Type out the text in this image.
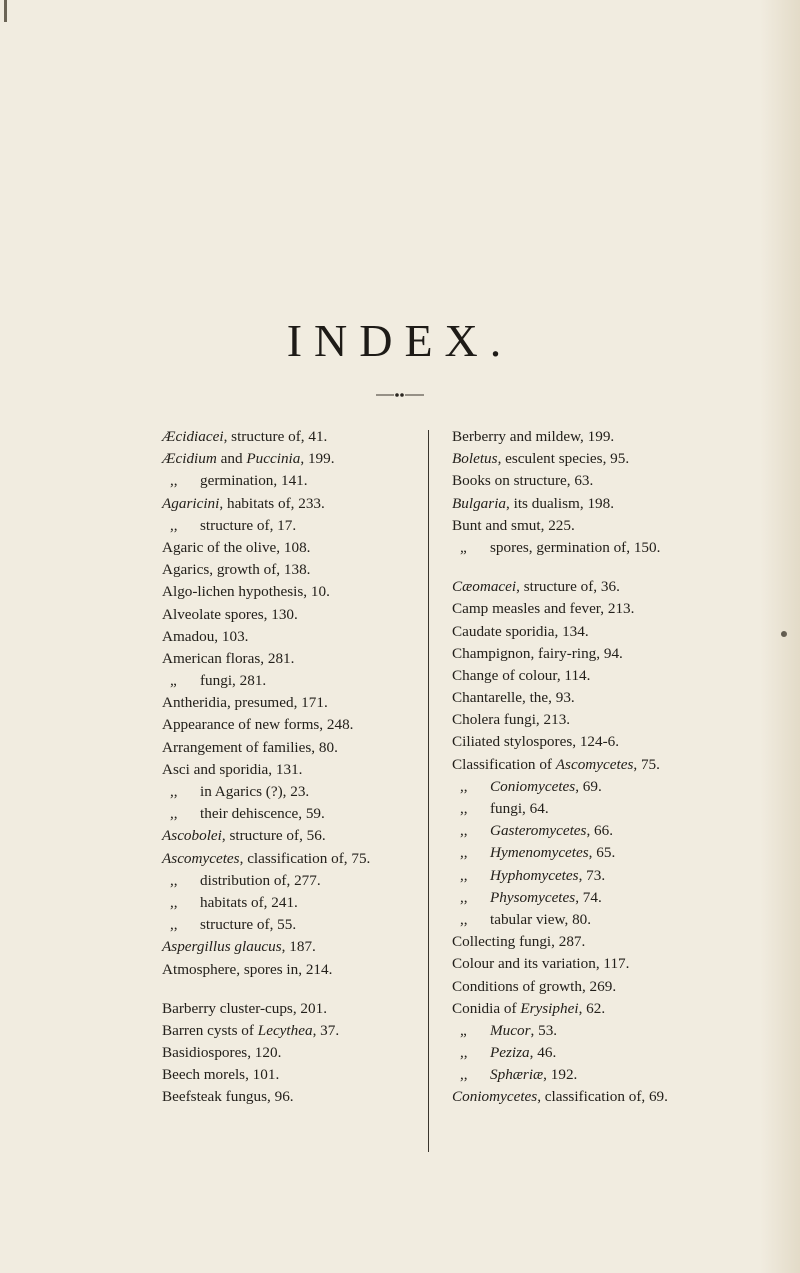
INDEX.
Æcidiacei, structure of, 41.
Æcidium and Puccinia, 199.
,, germination, 141.
Agaricini, habitats of, 233.
,, structure of, 17.
Agaric of the olive, 108.
Agarics, growth of, 138.
Algo-lichen hypothesis, 10.
Alveolate spores, 130.
Amadou, 103.
American floras, 281.
„ fungi, 281.
Antheridia, presumed, 171.
Appearance of new forms, 248.
Arrangement of families, 80.
Asci and sporidia, 131.
,, in Agarics (?), 23.
,, their dehiscence, 59.
Ascobolei, structure of, 56.
Ascomycetes, classification of, 75.
,, distribution of, 277.
,, habitats of, 241.
,, structure of, 55.
Aspergillus glaucus, 187.
Atmosphere, spores in, 214.
Barberry cluster-cups, 201.
Barren cysts of Lecythea, 37.
Basidiospores, 120.
Beech morels, 101.
Beefsteak fungus, 96.
Berberry and mildew, 199.
Boletus, esculent species, 95.
Books on structure, 63.
Bulgaria, its dualism, 198.
Bunt and smut, 225.
„ spores, germination of, 150.
Cæomacei, structure of, 36.
Camp measles and fever, 213.
Caudate sporidia, 134.
Champignon, fairy-ring, 94.
Change of colour, 114.
Chantarelle, the, 93.
Cholera fungi, 213.
Ciliated stylospores, 124-6.
Classification of Ascomycetes, 75.
,, Coniomycetes, 69.
,, fungi, 64.
,, Gasteromycetes, 66.
,, Hymenomycetes, 65.
,, Hyphomycetes, 73.
,, Physomycetes, 74.
,, tabular view, 80.
Collecting fungi, 287.
Colour and its variation, 117.
Conditions of growth, 269.
Conidia of Erysiphei, 62.
„ Mucor, 53.
,, Peziza, 46.
,, Sphæriæ, 192.
Coniomycetes, classification of, 69.
